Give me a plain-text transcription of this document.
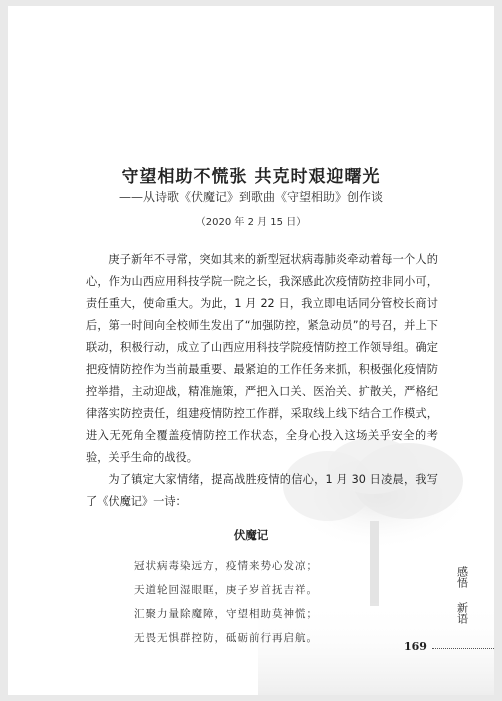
守望相助不慌张 共克时艰迎曙光
——从诗歌《伏魔记》到歌曲《守望相助》创作谈
（2020 年 2 月 15 日）

庚子新年不寻常，突如其来的新型冠状病毒肺炎牵动着每一个人的心，作为山西应用科技学院一院之长，我深感此次疫情防控非同小可，责任重大，使命重大。为此，1 月 22 日，我立即电话同分管校长商讨后，第一时间向全校师生发出了“加强防控，紧急动员”的号召，并上下联动，积极行动，成立了山西应用科技学院疫情防控工作领导组。确定把疫情防控作为当前最重要、最紧迫的工作任务来抓，积极强化疫情防控举措，主动迎战，精准施策，严把入口关、医治关、扩散关，严格纪律落实防控责任，组建疫情防控工作群，采取线上线下结合工作模式，进入无死角全覆盖疫情防控工作状态，全身心投入这场关乎安全的考验，关乎生命的战役。

为了镇定大家情绪，提高战胜疫情的信心，1 月 30 日凌晨，我写了《伏魔记》一诗：

伏魔记
冠状病毒染远方，疫情来势心发凉；
天道轮回湿眼眶，庚子岁首抚吉祥。
汇聚力量除魔障，守望相助莫神慌；
无畏无惧群控防，砥砺前行再启航。
感悟
新语
169
